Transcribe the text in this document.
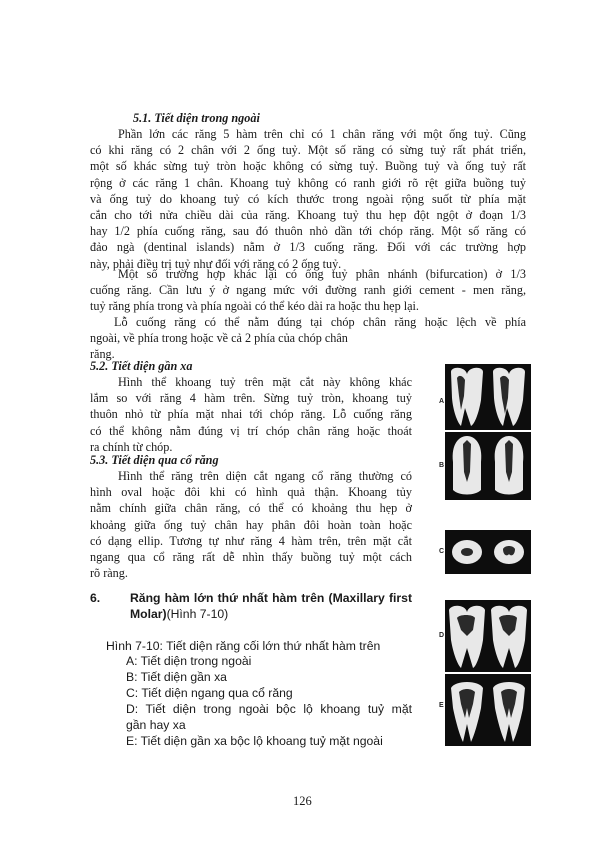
5.1. Tiết diện trong ngoài
Phần lớn các răng 5 hàm trên chỉ có 1 chân răng với một ống tuỷ. Cũng
có khi răng có 2 chân với 2 ống tuỷ. Một số răng có sừng tuỷ rất phát triển,
một số khác sừng tuỷ tròn hoặc không có sừng tuỷ. Buồng tuỷ và ống tuỷ rất
rộng ở các răng 1 chân. Khoang tuỷ không có ranh giới rõ rệt giữa buồng tuỷ
và ống tuỷ do khoang tuỷ có kích thước trong ngoài rộng suốt từ phía mặt
cắn cho tới nửa chiều dài của răng. Khoang tuỷ thu hẹp đột ngột ở đoạn 1/3
hay 1/2 phía cuống răng, sau đó thuôn nhỏ dần tới chóp răng. Một số răng có
đảo ngà (dentinal islands) nằm ở 1/3 cuống răng. Đối với các trường hợp
này, phải điều trị tuỷ như đối với răng có 2 ống tuỷ.
Một số trường hợp khác lại có ống tuỷ phân nhánh (bifurcation) ở 1/3
cuống răng. Cần lưu ý ở ngang mức với đường ranh giới cement - men răng,
tuỷ răng phía trong và phía ngoài có thể kéo dài ra hoặc thu hẹp lại.
Lỗ cuống răng có thể nằm đúng tại chóp chân răng hoặc lệch về phía
ngoài, về phía trong hoặc về cả 2 phía của chóp chân
răng.
5.2. Tiết diện gần xa
Hình thể khoang tuỷ trên mặt cắt này không khác
lắm so với răng 4 hàm trên. Sừng tuỷ tròn, khoang tuỷ
thuôn nhỏ từ phía mặt nhai tới chóp răng. Lỗ cuống răng
có thể không nằm đúng vị trí chóp chân răng hoặc thoát
ra chính từ chóp.
5.3. Tiết diện qua cổ răng
Hình thể răng trên diện cắt ngang cổ răng thường có
hình oval hoặc đôi khi có hình quả thận. Khoang tủy
nằm chính giữa chân răng, có thể có khoảng thu hẹp ở
khoảng giữa ống tuỷ chân hay phân đôi hoàn toàn hoặc
có dạng ellip. Tương tự như răng 4 hàm trên, trên mặt cắt
ngang qua cổ răng rất dễ nhìn thấy buồng tuỷ một cách
rõ ràng.
6. Răng hàm lớn thứ nhất hàm trên (Maxillary first
Molar)(Hình 7-10)
Hình 7-10: Tiết diện răng cối lớn thứ nhất hàm trên
A: Tiết diện trong ngoài
B: Tiết diện gần xa
C: Tiết diện ngang qua cổ răng
D: Tiết diện trong ngoài bộc lộ khoang tuỷ mặt
gần hay xa
E: Tiết diện gần xa bộc lộ khoang tuỷ mặt ngoài
A
B
C
D
E
126
